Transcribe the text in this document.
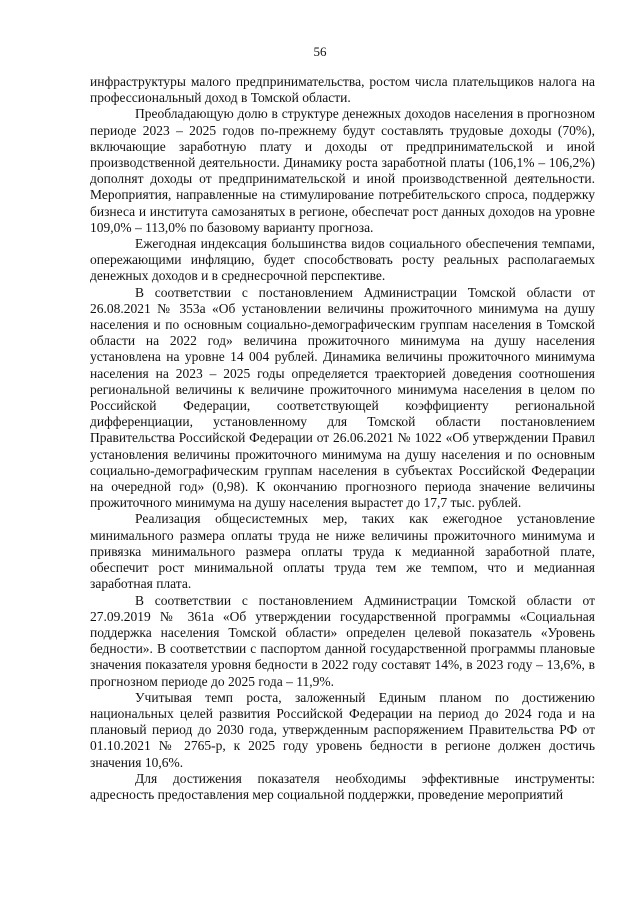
56

инфраструктуры малого предпринимательства, ростом числа плательщиков налога на профессиональный доход в Томской области.

Преобладающую долю в структуре денежных доходов населения в прогнозном периоде 2023 – 2025 годов по-прежнему будут составлять трудовые доходы (70%), включающие заработную плату и доходы от предпринимательской и иной производственной деятельности. Динамику роста заработной платы (106,1% – 106,2%) дополнят доходы от предпринимательской и иной производственной деятельности. Мероприятия, направленные на стимулирование потребительского спроса, поддержку бизнеса и института самозанятых в регионе, обеспечат рост данных доходов на уровне 109,0% – 113,0% по базовому варианту прогноза.

Ежегодная индексация большинства видов социального обеспечения темпами, опережающими инфляцию, будет способствовать росту реальных располагаемых денежных доходов и в среднесрочной перспективе.

В соответствии с постановлением Администрации Томской области от 26.08.2021 № 353а «Об установлении величины прожиточного минимума на душу населения и по основным социально-демографическим группам населения в Томской области на 2022 год» величина прожиточного минимума на душу населения установлена на уровне 14 004 рублей. Динамика величины прожиточного минимума населения на 2023 – 2025 годы определяется траекторией доведения соотношения региональной величины к величине прожиточного минимума населения в целом по Российской Федерации, соответствующей коэффициенту региональной дифференциации, установленному для Томской области постановлением Правительства Российской Федерации от 26.06.2021 № 1022 «Об утверждении Правил установления величины прожиточного минимума на душу населения и по основным социально-демографическим группам населения в субъектах Российской Федерации на очередной год» (0,98). К окончанию прогнозного периода значение величины прожиточного минимума на душу населения вырастет до 17,7 тыс. рублей.

Реализация общесистемных мер, таких как ежегодное установление минимального размера оплаты труда не ниже величины прожиточного минимума и привязка минимального размера оплаты труда к медианной заработной плате, обеспечит рост минимальной оплаты труда тем же темпом, что и медианная заработная плата.

В соответствии с постановлением Администрации Томской области от 27.09.2019 № 361а «Об утверждении государственной программы «Социальная поддержка населения Томской области» определен целевой показатель «Уровень бедности». В соответствии с паспортом данной государственной программы плановые значения показателя уровня бедности в 2022 году составят 14%, в 2023 году – 13,6%, в прогнозном периоде до 2025 года – 11,9%.

Учитывая темп роста, заложенный Единым планом по достижению национальных целей развития Российской Федерации на период до 2024 года и на плановый период до 2030 года, утвержденным распоряжением Правительства РФ от 01.10.2021 № 2765-р, к 2025 году уровень бедности в регионе должен достичь значения 10,6%.

Для достижения показателя необходимы эффективные инструменты: адресность предоставления мер социальной поддержки, проведение мероприятий
